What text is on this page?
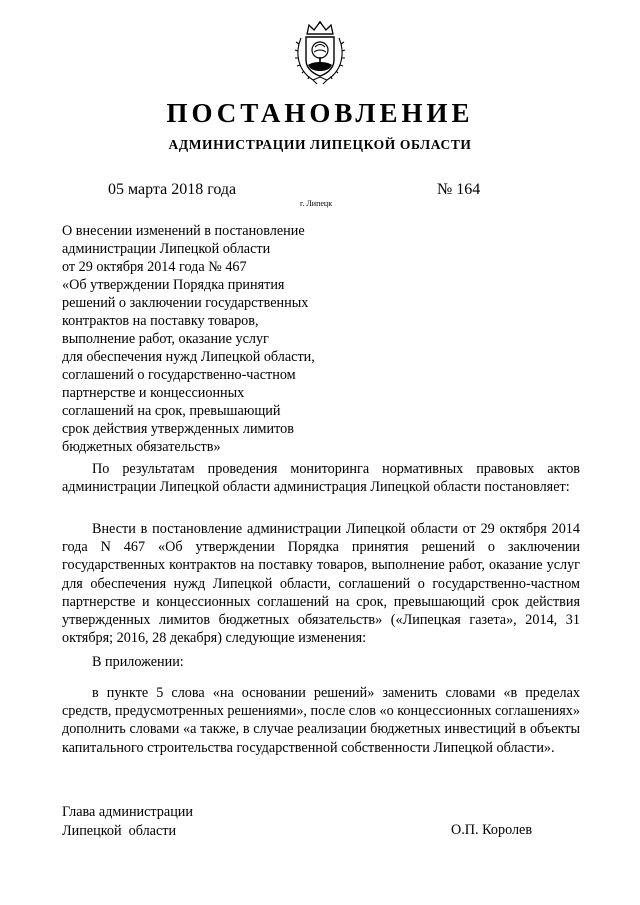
ПОСТАНОВЛЕНИЕ
АДМИНИСТРАЦИИ ЛИПЕЦКОЙ ОБЛАСТИ
05 марта 2018 года
г. Липецк
№ 164
О внесении изменений в постановление
администрации Липецкой области
от 29 октября 2014 года № 467
«Об утверждении Порядка принятия
решений о заключении государственных
контрактов на поставку товаров,
выполнение работ, оказание услуг
для обеспечения нужд Липецкой области,
соглашений о государственно-частном
партнерстве и концессионных
соглашений на срок, превышающий
срок действия утвержденных лимитов
бюджетных обязательств»

По результатам проведения мониторинга нормативных правовых актов администрации Липецкой области администрация Липецкой области постановляет:

Внести в постановление администрации Липецкой области от 29 октября 2014 года N 467 «Об утверждении Порядка принятия решений о заключении государственных контрактов на поставку товаров, выполнение работ, оказание услуг для обеспечения нужд Липецкой области, соглашений о государственно-частном партнерстве и концессионных соглашений на срок, превышающий срок действия утвержденных лимитов бюджетных обязательств» («Липецкая газета», 2014, 31 октября; 2016, 28 декабря) следующие изменения:

В приложении:

в пункте 5 слова «на основании решений» заменить словами «в пределах средств, предусмотренных решениями», после слов «о концессионных соглашениях» дополнить словами «а также, в случае реализации бюджетных инвестиций в объекты капитального строительства государственной собственности Липецкой области».

Глава администрации
Липецкой  области	О.П. Королев
